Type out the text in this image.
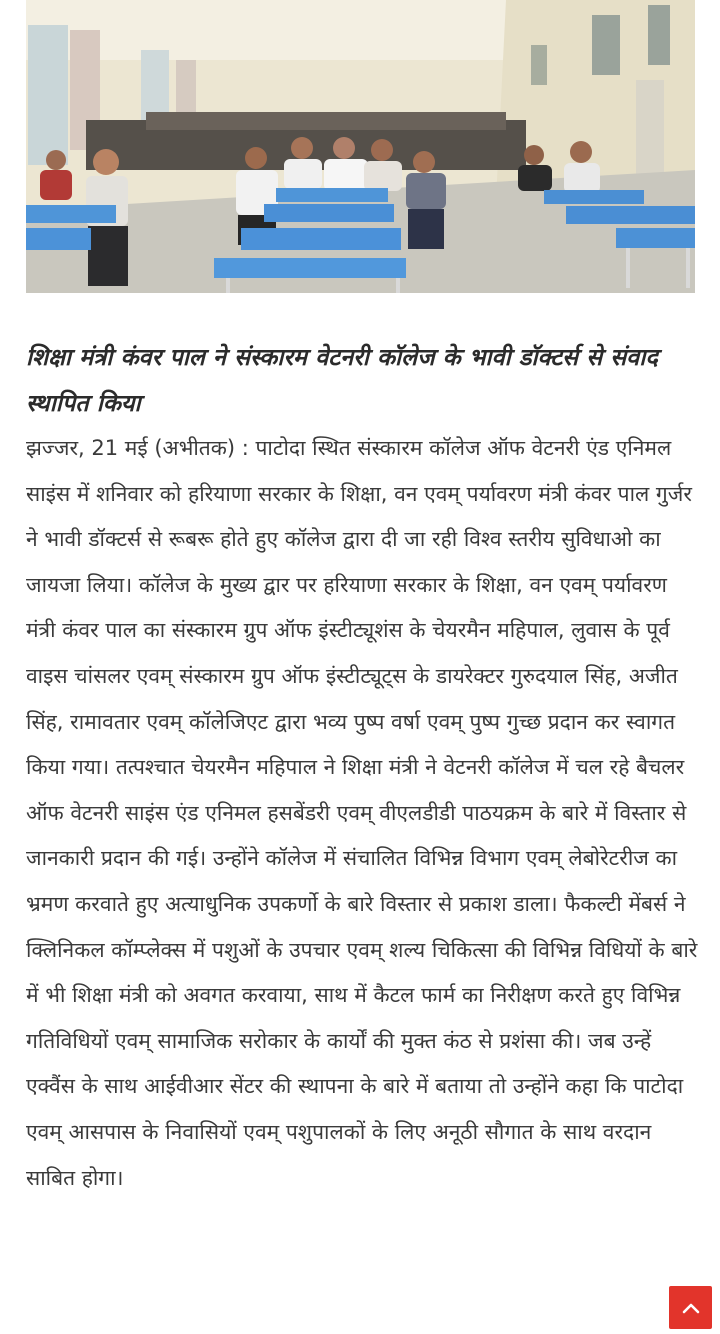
शिक्षा मंत्री कंवर पाल ने संस्कारम वेटनरी कॉलेज के भावी डॉक्टर्स से संवाद स्थापित किया

झज्जर, 21 मई (अभीतक) : पाटोदा स्थित संस्कारम कॉलेज ऑफ वेटनरी एंड एनिमल साइंस में शनिवार को हरियाणा सरकार के शिक्षा, वन एवम् पर्यावरण मंत्री कंवर पाल गुर्जर ने भावी डॉक्टर्स से रूबरू होते हुए कॉलेज द्वारा दी जा रही विश्व स्तरीय सुविधाओ का जायजा लिया। कॉलेज के मुख्य द्वार पर हरियाणा सरकार के शिक्षा, वन एवम् पर्यावरण मंत्री कंवर पाल का संस्कारम ग्रुप ऑफ इंस्टीट्यूशंस के चेयरमैन महिपाल, लुवास के पूर्व वाइस चांसलर एवम् संस्कारम ग्रुप ऑफ इंस्टीट्यूट्स के डायरेक्टर गुरुदयाल सिंह, अजीत सिंह, रामावतार एवम् कॉलेजिएट द्वारा भव्य पुष्प वर्षा एवम् पुष्प गुच्छ प्रदान कर स्वागत किया गया। तत्पश्चात चेयरमैन महिपाल ने शिक्षा मंत्री ने वेटनरी कॉलेज में चल रहे बैचलर ऑफ वेटनरी साइंस एंड एनिमल हसबेंडरी एवम् वीएलडीडी पाठयक्रम के बारे में विस्तार से जानकारी प्रदान की गई। उन्होंने कॉलेज में संचालित विभिन्न विभाग एवम् लेबोरेटरीज का भ्रमण करवाते हुए अत्याधुनिक उपकर्णो के बारे विस्तार से प्रकाश डाला। फैकल्टी मेंबर्स ने क्लिनिकल कॉम्प्लेक्स में पशुओं के उपचार एवम् शल्य चिकित्सा की विभिन्न विधियों के बारे में भी शिक्षा मंत्री को अवगत करवाया, साथ में कैटल फार्म का निरीक्षण करते हुए विभिन्न गतिविधियों एवम् सामाजिक सरोकार के कार्यों की मुक्त कंठ से प्रशंसा की। जब उन्हें एक्वैंस के साथ आईवीआर सेंटर की स्थापना के बारे में बताया तो उन्होंने कहा कि पाटोदा एवम् आसपास के निवासियों एवम् पशुपालकों के लिए अनूठी सौगात के साथ वरदान साबित होगा।
